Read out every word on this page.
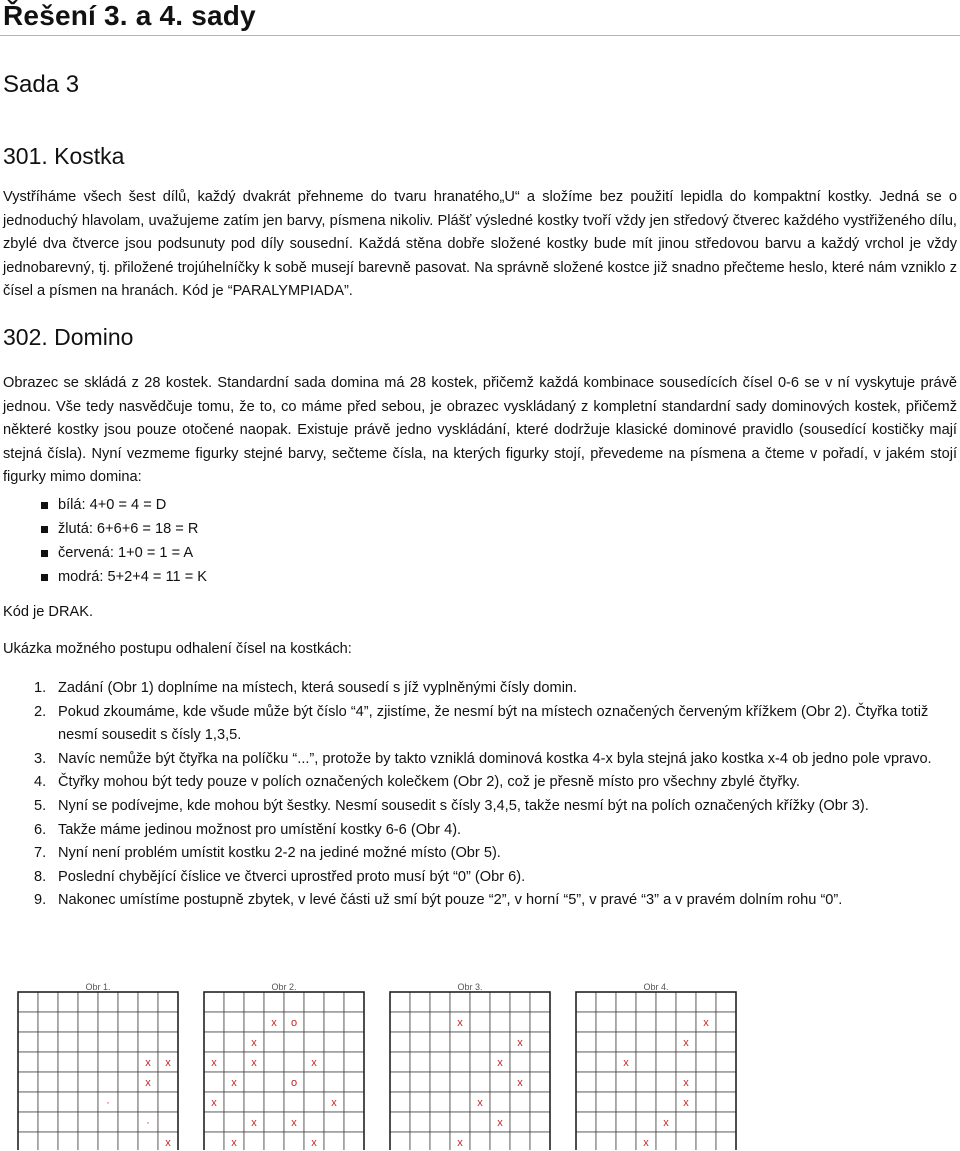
Řešení 3. a 4. sady
Sada 3
301. Kostka

Vystříháme všech šest dílů, každý dvakrát přehneme do tvaru hranatého„U“ a složíme bez použití lepidla do kompaktní kostky. Jedná se o jednoduchý hlavolam, uvažujeme zatím jen barvy, písmena nikoliv. Plášť výsledné kostky tvoří vždy jen středový čtverec každého vystřiženého dílu, zbylé dva čtverce jsou podsunuty pod díly sousední. Každá stěna dobře složené kostky bude mít jinou středovou barvu a každý vrchol je vždy jednobarevný, tj. přiložené trojúhelníčky k sobě musejí barevně pasovat. Na správně složené kostce již snadno přečteme heslo, které nám vzniklo z čísel a písmen na hranách. Kód je “PARALYMPIADA”.

302. Domino

Obrazec se skládá z 28 kostek. Standardní sada domina má 28 kostek, přičemž každá kombinace sousedících čísel 0-6 se v ní vyskytuje právě jednou. Vše tedy nasvědčuje tomu, že to, co máme před sebou, je obrazec vyskládaný z kompletní standardní sady dominových kostek, přičemž některé kostky jsou pouze otočené naopak. Existuje právě jedno vyskládání, které dodržuje klasické dominové pravidlo (sousedící kostičky mají stejná čísla). Nyní vezmeme figurky stejné barvy, sečteme čísla, na kterých figurky stojí, převedeme na písmena a čteme v pořadí, v jakém stojí figurky mimo domina:

bílá: 4+0 = 4 = D
žlutá: 6+6+6 = 18 = R
červená: 1+0 = 1 = A
modrá: 5+2+4 = 11 = K

Kód je DRAK.

Ukázka možného postupu odhalení čísel na kostkách:

1. Zadání (Obr 1) doplníme na místech, která sousedí s jíž vyplněnými čísly domin.
2. Pokud zkoumáme, kde všude může být číslo “4”, zjistíme, že nesmí být na místech označených červeným křížkem (Obr 2). Čtyřka totiž nesmí sousedit s čísly 1,3,5.
3. Navíc nemůže být čtyřka na políčku “...”, protože by takto vzniklá dominová kostka 4-x byla stejná jako kostka x-4 ob jedno pole vpravo.
4. Čtyřky mohou být tedy pouze v polích označených kolečkem (Obr 2), což je přesně místo pro všechny zbylé čtyřky.
5. Nyní se podívejme, kde mohou být šestky. Nesmí sousedit s čísly 3,4,5, takže nesmí být na polích označených křížky (Obr 3).
6. Takže máme jedinou možnost pro umístění kostky 6-6 (Obr 4).
7. Nyní není problém umístit kostku 2-2 na jediné možné místo (Obr 5).
8. Poslední chybějící číslice ve čtverci uprostřed proto musí být “0” (Obr 6).
9. Nakonec umístíme postupně zbytek, v levé části už smí být pouze “2”, v horní “5”, v pravé “3” a v pravém dolním rohu “0”.
Obr 1.
x x
x
·
·
x
Obr 2.
x o
x
x	x	x
x	o
x	x
x	x
x	x
Obr 3.
x
x
x
x
x
x
x
Obr 4.
x
x
x
x
x
x
x
